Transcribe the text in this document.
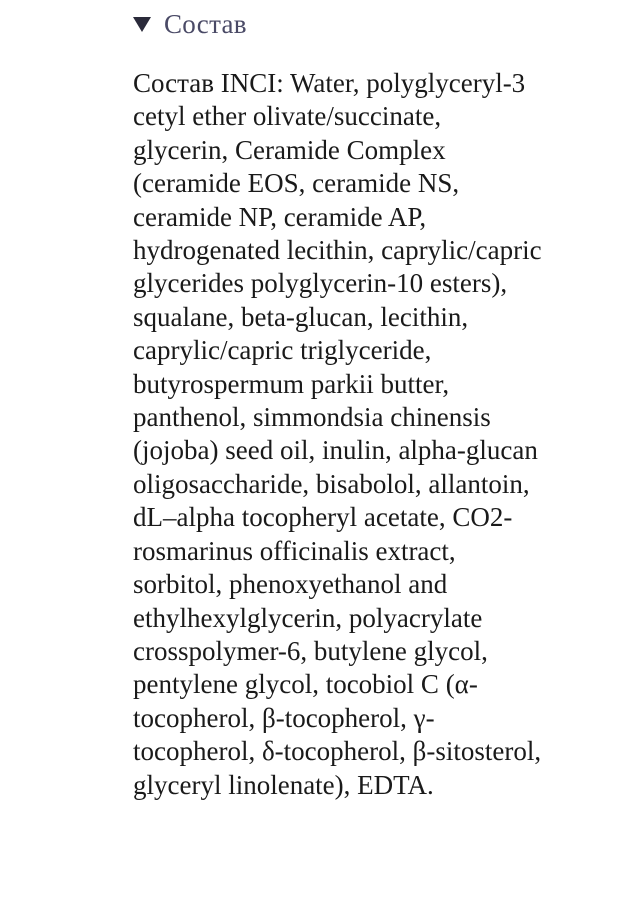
Состав
Состав INCI: Water, polyglyceryl-3 cetyl ether olivate/succinate, glycerin, Ceramide Complex (ceramide EOS, ceramide NS, ceramide NP, ceramide AP, hydrogenated lecithin, caprylic/capric glycerides polyglycerin-10 esters), squalane, beta-glucan, lecithin, caprylic/capric triglyceride, butyrospermum parkii butter, panthenol, simmondsia chinensis (jojoba) seed oil, inulin, alpha-glucan oligosaccharide, bisabolol, allantoin, dL–alpha tocopheryl acetate, CO2- rosmarinus officinalis extract, sorbitol, phenoxyethanol and ethylhexylglycerin, polyacrylate crosspolymer-6, butylene glycol, pentylene glycol, tocobiol C (α-tocopherol, β-tocopherol, γ-tocopherol, δ-tocopherol, β-sitosterol, glyceryl linolenate), EDTA.
